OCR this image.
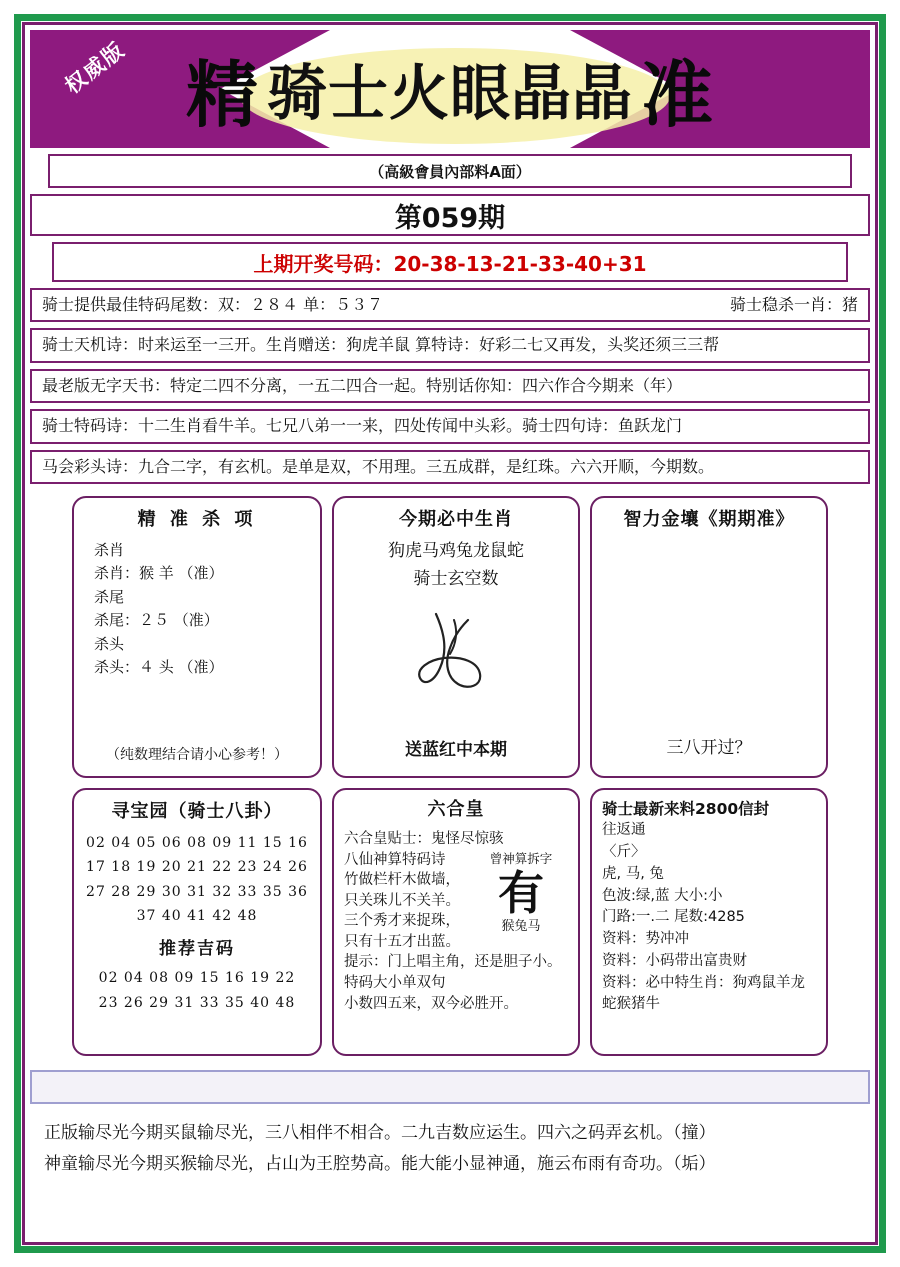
精 骑士火眼晶晶 准
权威版
（高級會員內部料A面）
第059期
上期开奖号码：20-38-13-21-33-40+31
骑士提供最佳特码尾数：双：２８４ 单：５３７	骑士稳杀一肖：猪
骑士天机诗：时来运至一三开。生肖赠送：狗虎羊鼠 算特诗：好彩二七又再发，头奖还须三三帮
最老版无字天书：特定二四不分离，一五二四合一起。特别话你知：四六作合今期来（年）
骑士特码诗：十二生肖看牛羊。七兄八弟一一来，四处传闻中头彩。骑士四句诗：鱼跃龙门
马会彩头诗：九合二字，有玄机。是单是双，不用理。三五成群，是红珠。六六开顺，今期数。
精 准 杀 项
杀肖
杀肖：猴 羊 （准）
杀尾
杀尾：２５ （准）
杀头
杀头：４ 头 （准）
（纯数理结合请小心参考！）
今期必中生肖
狗虎马鸡兔龙鼠蛇
骑士玄空数
送蓝红中本期
智力金壤《期期准》
三八开过？
寻宝园（骑士八卦）
02 04 05 06 08 09 11 15 16
17 18 19 20 21 22 23 24 26
27 28 29 30 31 32 33 35 36
37 40 41 42 48
推荐吉码
02 04 08 09 15 16 19 22
23 26 29 31 33 35 40 48
六合皇
六合皇贴士：鬼怪尽惊骇
八仙神算特码诗
竹做栏杆木做墙，
只关珠儿不关羊。
三个秀才来捉珠，
只有十五才出蓝。
提示：门上唱主角，还是胆子小。
特码大小单双句
小数四五来，双今必胜开。
曾神算拆字
有
猴兔马
骑士最新来料2800信封
往返通
〈斤〉
虎, 马, 兔
色波:绿,蓝 大小:小
门路:一.二 尾数:4285
资料：势冲冲
资料：小码带出富贵财
资料：必中特生肖：狗鸡鼠羊龙
蛇猴猪牛
正版输尽光今期买鼠输尽光，三八相伴不相合。二九吉数应运生。四六之码弄玄机。（撞）
神童输尽光今期买猴输尽光，占山为王腔势高。能大能小显神通，施云布雨有奇功。（垢）
